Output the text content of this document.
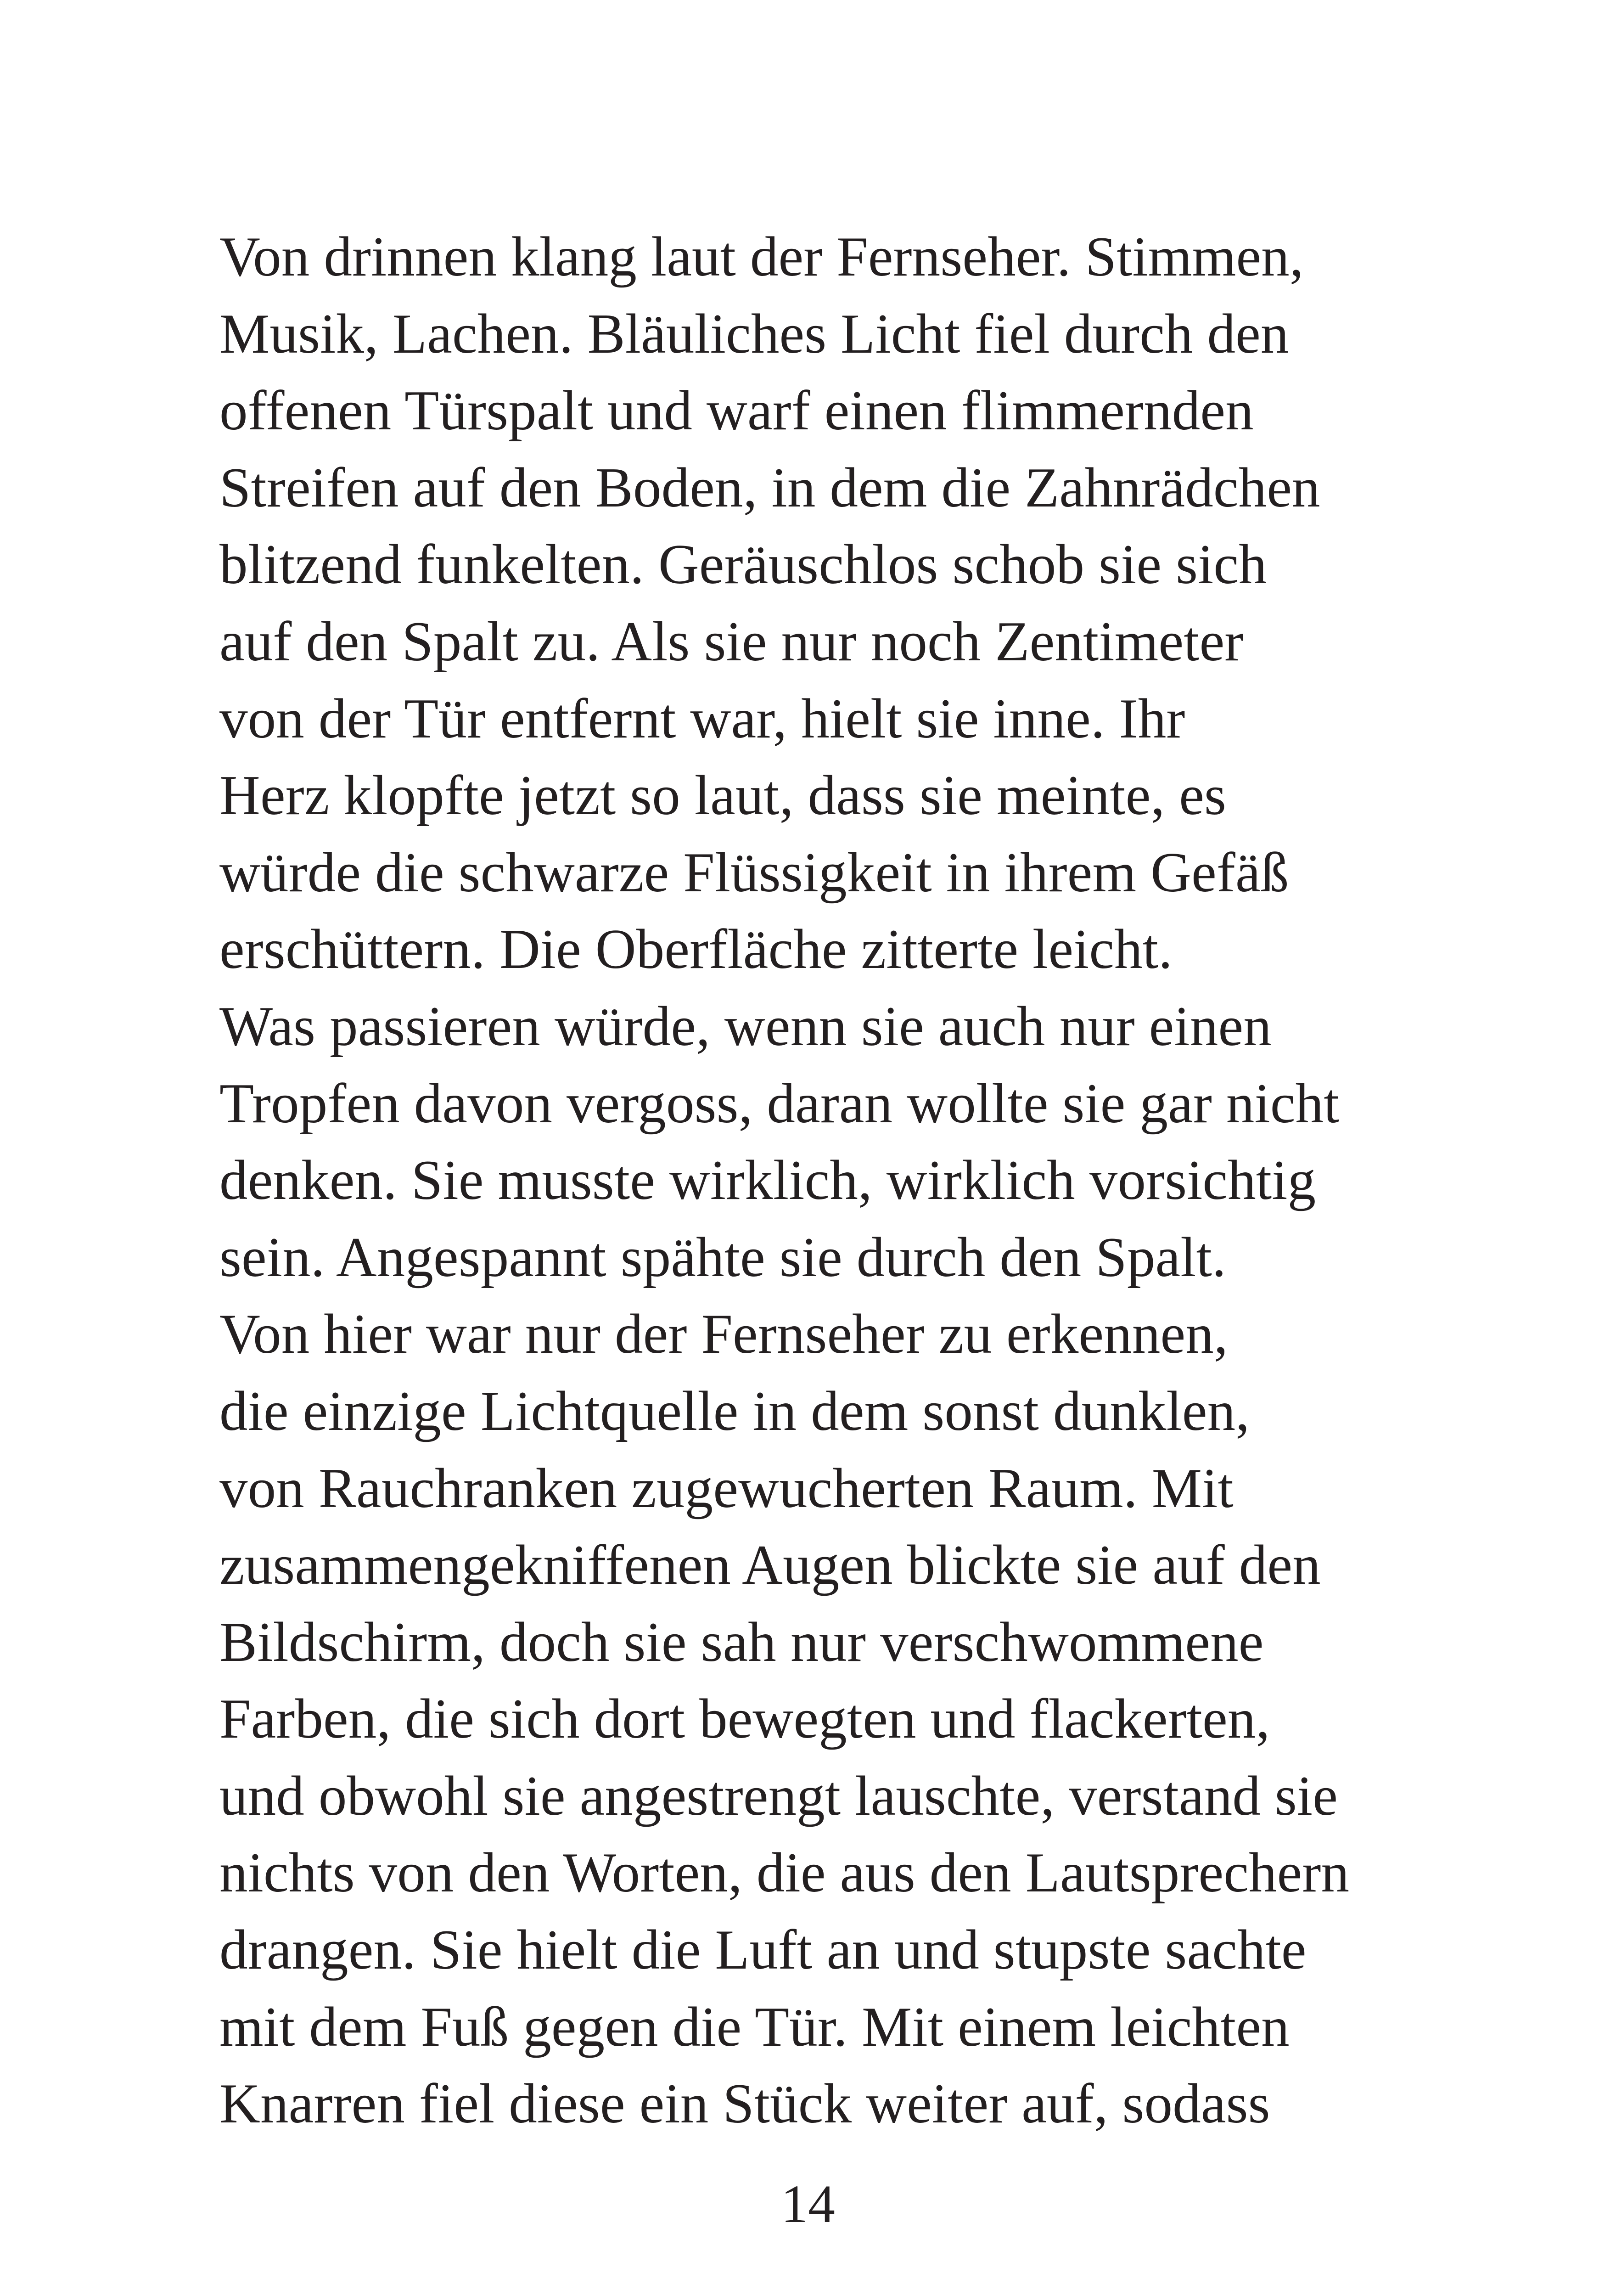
Von drinnen klang laut der Fernseher. Stimmen,
Musik, Lachen. Bläuliches Licht fiel durch den
offenen Türspalt und warf einen flimmernden
Streifen auf den Boden, in dem die Zahnrädchen
blitzend funkelten. Geräuschlos schob sie sich
auf den Spalt zu. Als sie nur noch Zentimeter
von der Tür entfernt war, hielt sie inne. Ihr
Herz klopfte jetzt so laut, dass sie meinte, es
würde die schwarze Flüssigkeit in ihrem Gefäß
erschüttern. Die Oberfläche zitterte leicht.
Was passieren würde, wenn sie auch nur einen
Tropfen davon vergoss, daran wollte sie gar nicht
denken. Sie musste wirklich, wirklich vorsichtig
sein. Angespannt spähte sie durch den Spalt.
Von hier war nur der Fernseher zu erkennen,
die einzige Lichtquelle in dem sonst dunklen,
von Rauchranken zugewucherten Raum. Mit
zusammengekniffenen Augen blickte sie auf den
Bildschirm, doch sie sah nur verschwommene
Farben, die sich dort bewegten und flackerten,
und obwohl sie angestrengt lauschte, verstand sie
nichts von den Worten, die aus den Lautsprechern
drangen. Sie hielt die Luft an und stupste sachte
mit dem Fuß gegen die Tür. Mit einem leichten
Knarren fiel diese ein Stück weiter auf, sodass
14
